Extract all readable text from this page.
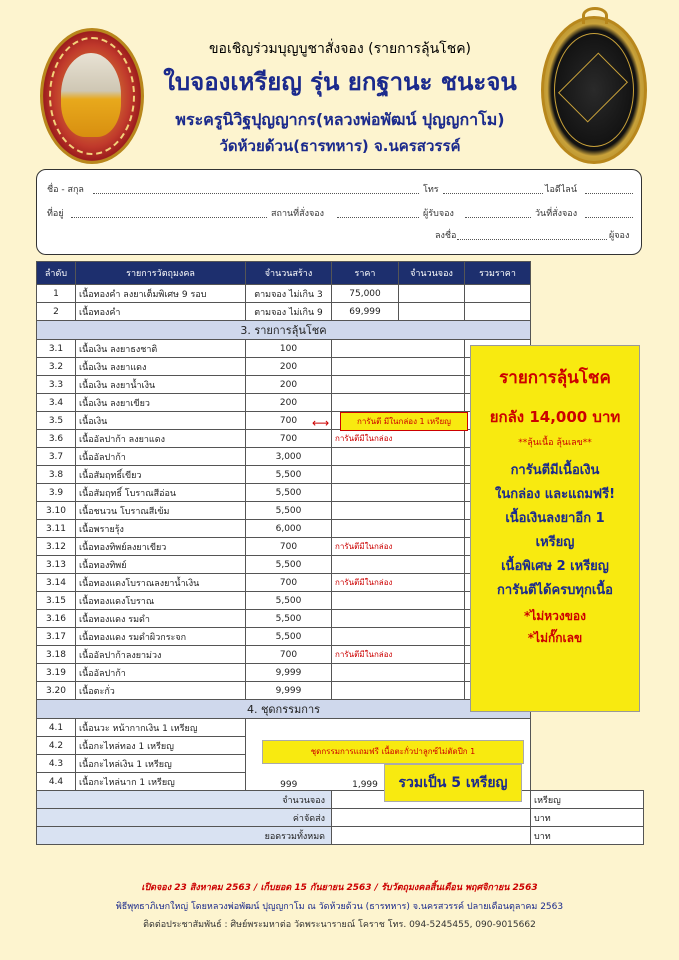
ขอเชิญร่วมบุญบูชาสั่งจอง (รายการลุ้นโชค)
ใบจองเหรียญ รุ่น ยกฐานะ ชนะจน
พระครูนิวิฐปุญญากร(หลวงพ่อพัฒน์ ปุญญกาโม)
วัดห้วยด้วน(ธารทหาร) จ.นครสวรรค์
ชื่อ - สกุล	โทร	ไอดีไลน์
ที่อยู่	สถานที่สั่งจอง	ผู้รับจอง	วันที่สั่งจอง
ลงชื่อ	ผู้จอง
ลำดับ	รายการวัตถุมงคล	จำนวนสร้าง	ราคา	จำนวนจอง	รวมราคา	
1	เนื้อทองคำ ลงยาเต็มพิเศษ 9 รอบ	ตามจอง ไม่เกิน 3	75,000			
2	เนื้อทองคำ	ตามจอง ไม่เกิน 9	69,999			
3. รายการลุ้นโชค						
3.1	เนื้อเงิน ลงยาธงชาติ	100				
3.2	เนื้อเงิน ลงยาแดง	200				
3.3	เนื้อเงิน ลงยาน้ำเงิน	200				
3.4	เนื้อเงิน ลงยาเขียว	200				
3.5	เนื้อเงิน	700				
3.6	เนื้ออัลปาก้า ลงยาแดง	700	การันตีมีในกล่อง			
3.7	เนื้ออัลปาก้า	3,000				
3.8	เนื้อสัมฤทธิ์เขียว	5,500				
3.9	เนื้อสัมฤทธิ์ โบราณสีอ่อน	5,500				
3.10	เนื้อชนวน โบราณสีเข้ม	5,500				
3.11	เนื้อพรายรุ้ง	6,000				
3.12	เนื้อทองทิพย์ลงยาเขียว	700	การันตีมีในกล่อง			
3.13	เนื้อทองทิพย์	5,500				
3.14	เนื้อทองแดงโบราณลงยาน้ำเงิน	700	การันตีมีในกล่อง			
3.15	เนื้อทองแดงโบราณ	5,500				
3.16	เนื้อทองแดง รมดำ	5,500				
3.17	เนื้อทองแดง รมดำผิวกระจก	5,500				
3.18	เนื้ออัลปาก้าลงยาม่วง	700	การันตีมีในกล่อง			
3.19	เนื้ออัลปาก้า	9,999				
3.20	เนื้อตะกั่ว	9,999				
4. ชุดกรรมการ						
4.1	เนื้อนวะ หน้ากากเงิน 1 เหรียญ	999	1,999			
4.2	เนื้อกะไหล่ทอง 1 เหรียญ					
4.3	เนื้อกะไหล่เงิน 1 เหรียญ					
4.4	เนื้อกะไหล่นาก 1 เหรียญ					
จำนวนจอง						เหรียญ
ค่าจัดส่ง						บาท
ยอดรวมทั้งหมด						บาท
รายการลุ้นโชค
ยกลัง 14,000 บาท
**ลุ้นเนื้อ ลุ้นเลข**
การันตีมีเนื้อเงิน
ในกล่อง และแถมฟรี!
เนื้อเงินลงยาอีก 1
เหรียญ
เนื้อพิเศษ 2 เหรียญ
การันตีได้ครบทุกเนื้อ
*ไม่หวงของ
*ไม่กั๊กเลข
⟷	การันตี มีในกล่อง 1 เหรียญ
ชุดกรรมการแถมฟรี เนื้อตะกั่วปาลูกซ์ไม่ตัดปีก 1
รวมเป็น 5 เหรียญ
เปิดจอง 23 สิงหาคม 2563 / เก็บยอด 15 กันยายน 2563 / รับวัตถุมงคลสิ้นเดือน พฤศจิกายน 2563
พิธีพุทธาภิเษกใหญ่ โดยหลวงพ่อพัฒน์ ปุญญกาโม ณ วัดห้วยด้วน (ธารทหาร) จ.นครสวรรค์ ปลายเดือนตุลาคม 2563
ติดต่อประชาสัมพันธ์ : ศิษย์พระมหาต่อ วัดพระนารายณ์ โคราช โทร. 094-5245455, 090-9015662
